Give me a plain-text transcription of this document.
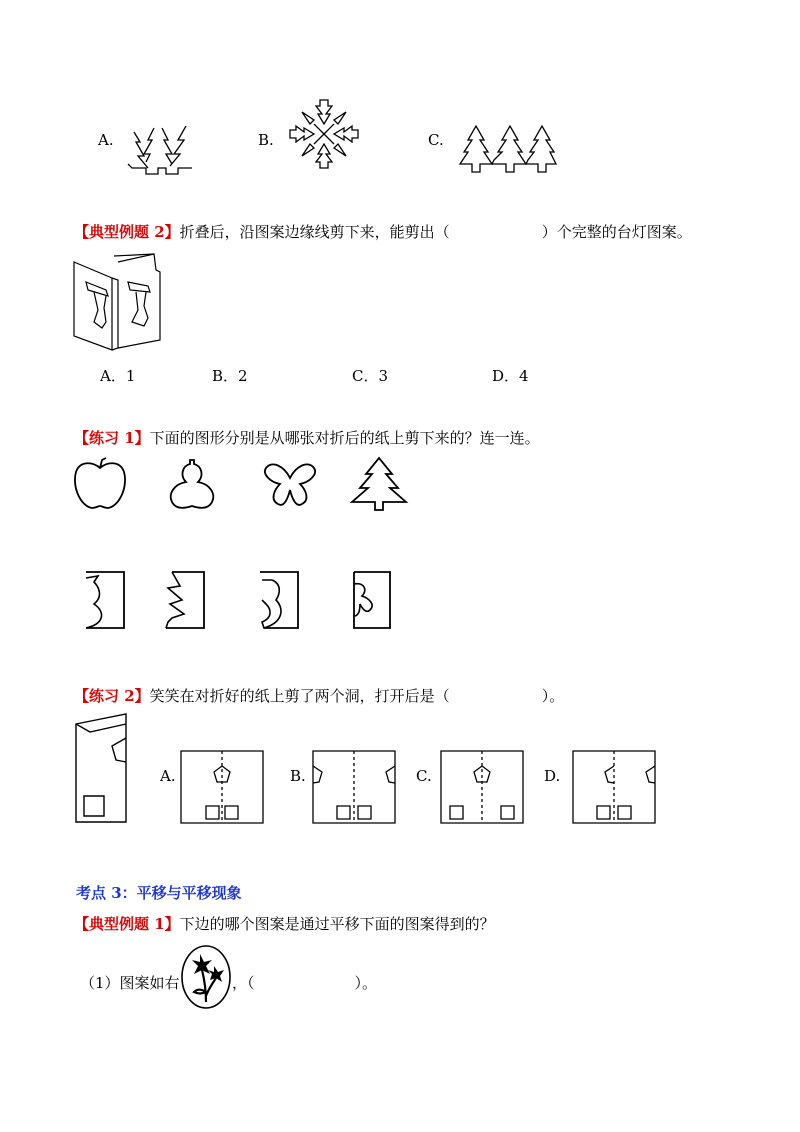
A.	B.	C.
【典型例题 2】折叠后，沿图案边缘线剪下来，能剪出（	）个完整的台灯图案。
A．1	B．2	C．3	D．4
【练习 1】下面的图形分别是从哪张对折后的纸上剪下来的？连一连。
【练习 2】笑笑在对折好的纸上剪了两个洞，打开后是（	）。
A.	B.	C.	D.
考点 3：平移与平移现象
【典型例题 1】下边的哪个图案是通过平移下面的图案得到的？
（1）图案如右	，（	）。
